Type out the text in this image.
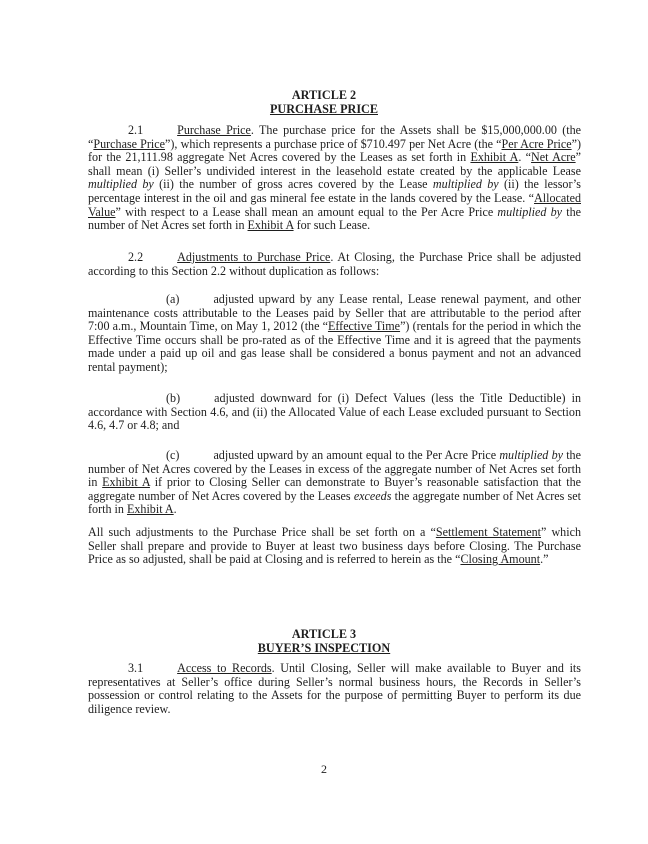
ARTICLE 2
PURCHASE PRICE

2.1	Purchase Price. The purchase price for the Assets shall be $15,000,000.00 (the “Purchase Price”), which represents a purchase price of $710.497 per Net Acre (the “Per Acre Price”) for the 21,111.98 aggregate Net Acres covered by the Leases as set forth in Exhibit A. “Net Acre” shall mean (i) Seller’s undivided interest in the leasehold estate created by the applicable Lease multiplied by (ii) the number of gross acres covered by the Lease multiplied by (ii) the lessor’s percentage interest in the oil and gas mineral fee estate in the lands covered by the Lease. “Allocated Value” with respect to a Lease shall mean an amount equal to the Per Acre Price multiplied by the number of Net Acres set forth in Exhibit A for such Lease.

2.2	Adjustments to Purchase Price. At Closing, the Purchase Price shall be adjusted according to this Section 2.2 without duplication as follows:

(a)	adjusted upward by any Lease rental, Lease renewal payment, and other maintenance costs attributable to the Leases paid by Seller that are attributable to the period after 7:00 a.m., Mountain Time, on May 1, 2012 (the “Effective Time”) (rentals for the period in which the Effective Time occurs shall be pro-rated as of the Effective Time and it is agreed that the payments made under a paid up oil and gas lease shall be considered a bonus payment and not an advanced rental payment);

(b)	adjusted downward for (i) Defect Values (less the Title Deductible) in accordance with Section 4.6, and (ii) the Allocated Value of each Lease excluded pursuant to Section 4.6, 4.7 or 4.8; and

(c)	adjusted upward by an amount equal to the Per Acre Price multiplied by the number of Net Acres covered by the Leases in excess of the aggregate number of Net Acres set forth in Exhibit A if prior to Closing Seller can demonstrate to Buyer’s reasonable satisfaction that the aggregate number of Net Acres covered by the Leases exceeds the aggregate number of Net Acres set forth in Exhibit A.

All such adjustments to the Purchase Price shall be set forth on a “Settlement Statement” which Seller shall prepare and provide to Buyer at least two business days before Closing. The Purchase Price as so adjusted, shall be paid at Closing and is referred to herein as the “Closing Amount.”

ARTICLE 3
BUYER’S INSPECTION

3.1	Access to Records. Until Closing, Seller will make available to Buyer and its representatives at Seller’s office during Seller’s normal business hours, the Records in Seller’s possession or control relating to the Assets for the purpose of permitting Buyer to perform its due diligence review.

2
